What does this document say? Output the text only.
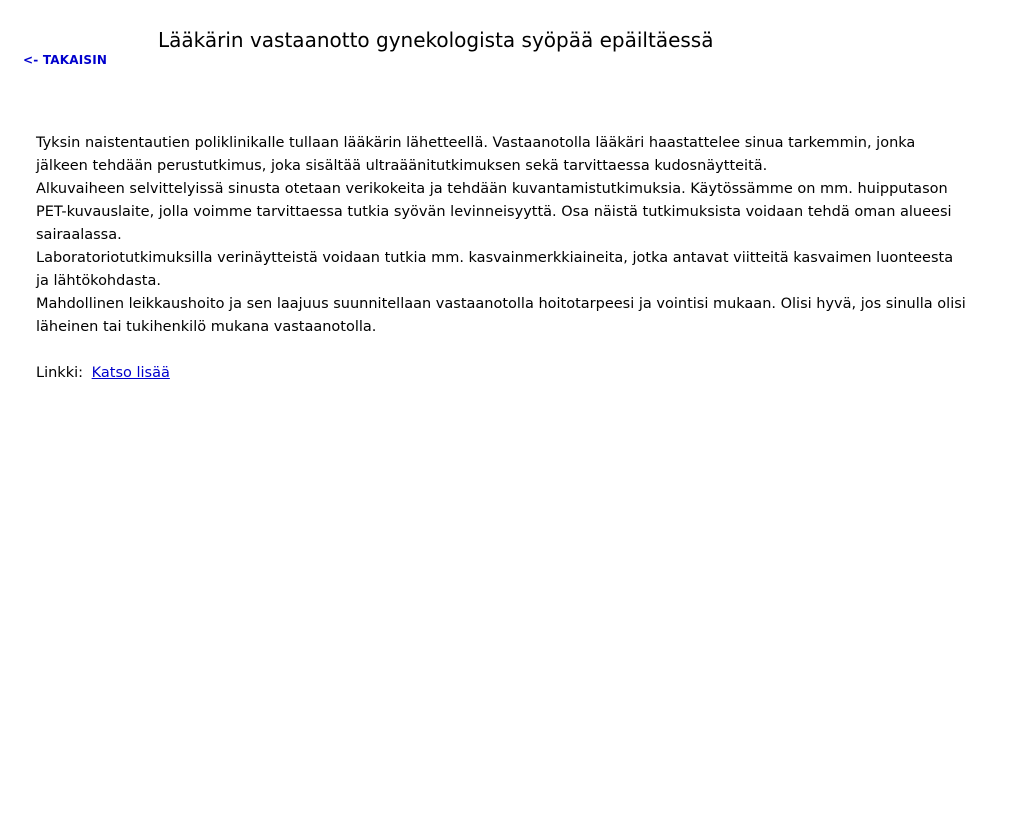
<- TAKAISIN
Lääkärin vastaanotto gynekologista syöpää epäiltäessä

Tyksin naistentautien poliklinikalle tullaan lääkärin lähetteellä. Vastaanotolla lääkäri haastattelee sinua tarkemmin, jonka jälkeen tehdään perustutkimus, joka sisältää ultraäänitutkimuksen sekä tarvittaessa kudosnäytteitä.

Alkuvaiheen selvittelyissä sinusta otetaan verikokeita ja tehdään kuvantamistutkimuksia. Käytössämme on mm. huipputason PET-kuvauslaite, jolla voimme tarvittaessa tutkia syövän levinneisyyttä. Osa näistä tutkimuksista voidaan tehdä oman alueesi sairaalassa.

Laboratoriotutkimuksilla verinäytteistä voidaan tutkia mm. kasvainmerkkiaineita, jotka antavat viitteitä kasvaimen luonteesta ja lähtökohdasta.

Mahdollinen leikkaushoito ja sen laajuus suunnitellaan vastaanotolla hoitotarpeesi ja vointisi mukaan. Olisi hyvä, jos sinulla olisi läheinen tai tukihenkilö mukana vastaanotolla.

Linkki: Katso lisää
